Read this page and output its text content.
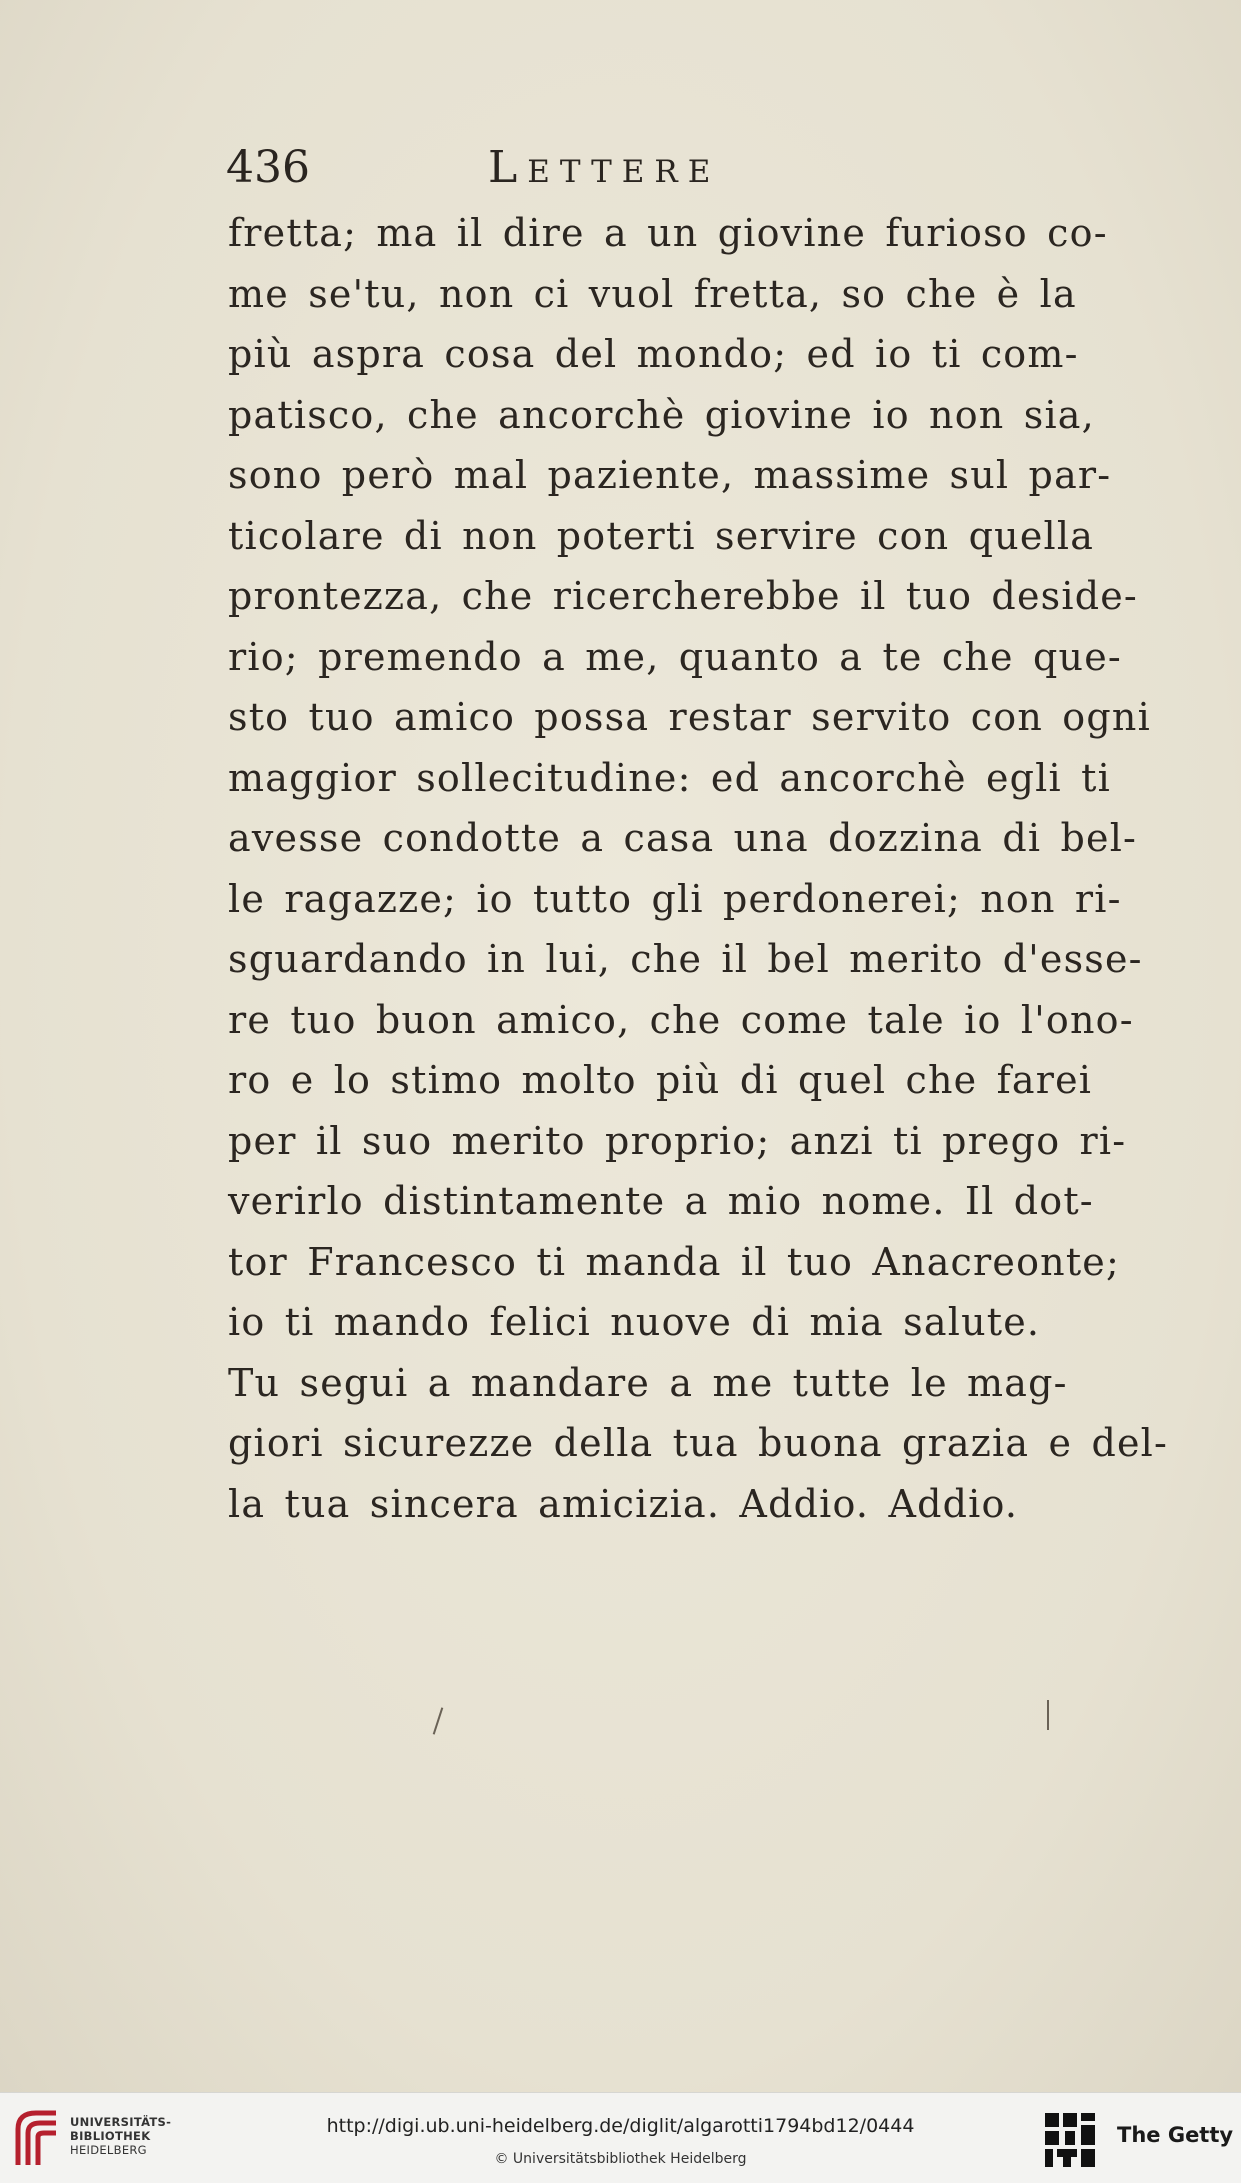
436	Lettere
fretta; ma il dire a un giovine furioso co-
me se'tu, non ci vuol fretta, so che è la
più aspra cosa del mondo; ed io ti com-
patisco, che ancorchè giovine io non sia,
sono però mal paziente, massime sul par-
ticolare di non poterti servire con quella
prontezza, che ricercherebbe il tuo deside-
rio; premendo a me, quanto a te che que-
sto tuo amico possa restar servito con ogni
maggior sollecitudine: ed ancorchè egli ti
avesse condotte a casa una dozzina di bel-
le ragazze; io tutto gli perdonerei; non ri-
sguardando in lui, che il bel merito d'esse-
re tuo buon amico, che come tale io l'ono-
ro e lo stimo molto più di quel che farei
per il suo merito proprio; anzi ti prego ri-
verirlo distintamente a mio nome. Il dot-
tor Francesco ti manda il tuo Anacreonte;
io ti mando felici nuove di mia salute.
Tu segui a mandare a me tutte le mag-
giori sicurezze della tua buona grazia e del-
la tua sincera amicizia. Addio. Addio.
UNIVERSITÄTS-
BIBLIOTHEK
HEIDELBERG
http://digi.ub.uni-heidelberg.de/diglit/algarotti1794bd12/0444
© Universitätsbibliothek Heidelberg
The Getty
